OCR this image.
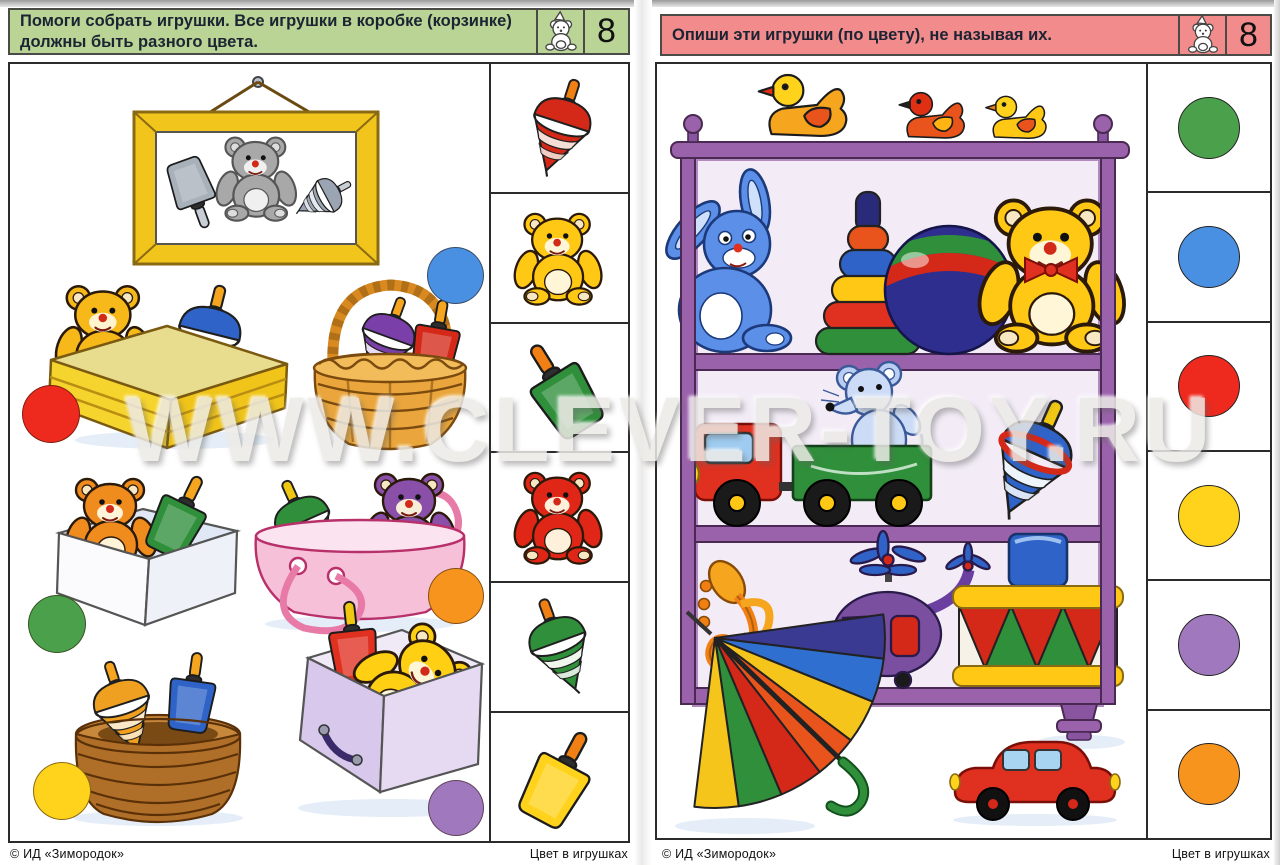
Помоги собрать игрушки. Все игрушки в коробке (корзинке) должны быть разного цвета.	8
© ИД «Зимородок»	Цвет в игрушках
Опиши эти игрушки (по цвету), не называя их.	8
© ИД «Зимородок»	Цвет в игрушках
WWW.CLEVER-TOY.RU
